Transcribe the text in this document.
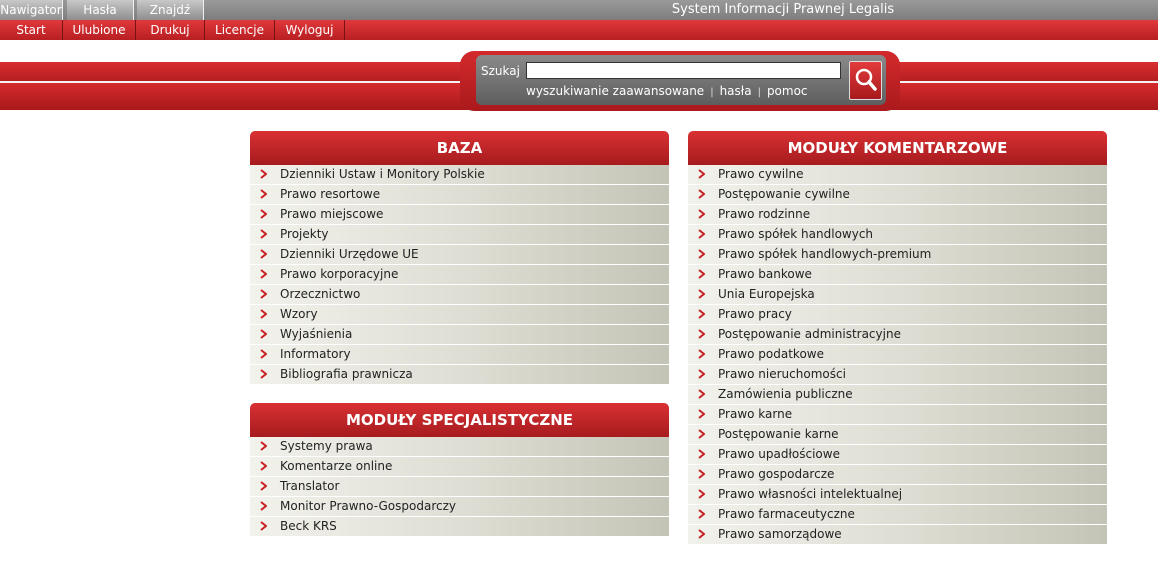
Nawigator	Hasła	Znajdź	System Informacji Prawnej Legalis
Start	Ulubione	Drukuj	Licencje	Wyloguj
Szukaj
wyszukiwanie zaawansowane | hasła | pomoc
BAZA
Dzienniki Ustaw i Monitory Polskie
Prawo resortowe
Prawo miejscowe
Projekty
Dzienniki Urzędowe UE
Prawo korporacyjne
Orzecznictwo
Wzory
Wyjaśnienia
Informatory
Bibliografia prawnicza
MODUŁY SPECJALISTYCZNE
Systemy prawa
Komentarze online
Translator
Monitor Prawno-Gospodarczy
Beck KRS
MODUŁY KOMENTARZOWE
Prawo cywilne
Postępowanie cywilne
Prawo rodzinne
Prawo spółek handlowych
Prawo spółek handlowych-premium
Prawo bankowe
Unia Europejska
Prawo pracy
Postępowanie administracyjne
Prawo podatkowe
Prawo nieruchomości
Zamówienia publiczne
Prawo karne
Postępowanie karne
Prawo upadłościowe
Prawo gospodarcze
Prawo własności intelektualnej
Prawo farmaceutyczne
Prawo samorządowe
